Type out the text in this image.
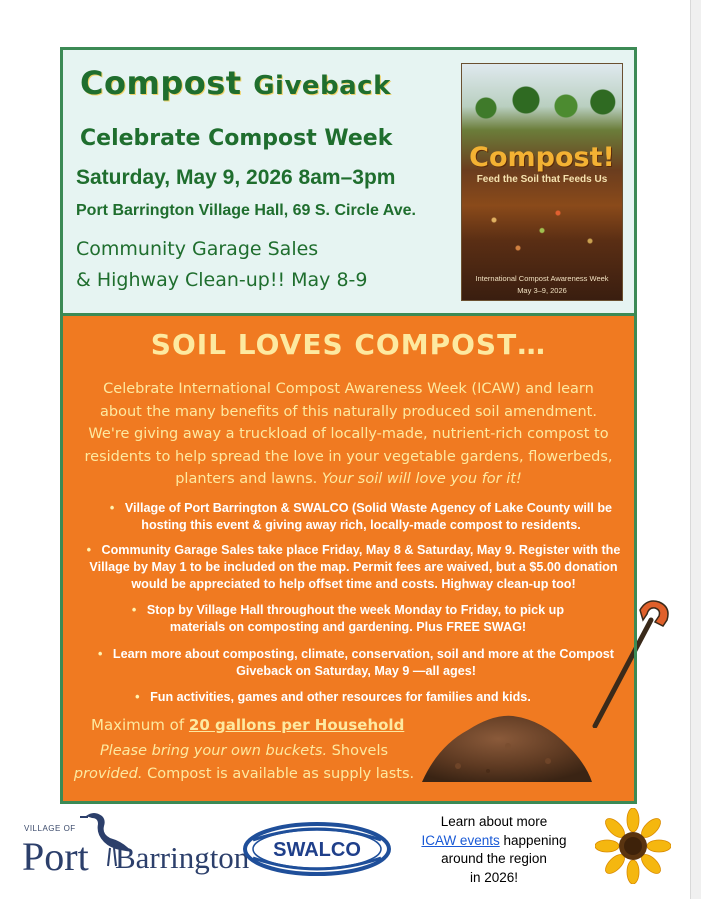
Compost Giveback
Celebrate Compost Week
Saturday, May 9, 2026 8am–3pm
Port Barrington Village Hall, 69 S. Circle Ave.
Community Garage Sales
& Highway Clean-up!! May 8-9
Compost!
Feed the Soil that Feeds Us
International Compost Awareness Week
May 3–9, 2026
SOIL LOVES COMPOST…
Celebrate International Compost Awareness Week (ICAW) and learn about the many benefits of this naturally produced soil amendment. We're giving away a truckload of locally-made, nutrient-rich compost to residents to help spread the love in your vegetable gardens, flowerbeds, planters and lawns. Your soil will love you for it!
•   Village of Port Barrington & SWALCO (Solid Waste Agency of Lake County will be hosting this event & giving away rich, locally-made compost to residents.
•   Community Garage Sales take place Friday, May 8 & Saturday, May 9. Register with the Village by May 1 to be included on the map. Permit fees are waived, but a $5.00 donation would be appreciated to help offset time and costs. Highway clean-up too!
•   Stop by Village Hall throughout the week Monday to Friday, to pick up materials on composting and gardening. Plus FREE SWAG!
•   Learn more about composting, climate, conservation, soil and more at the Compost Giveback on Saturday, May 9 —all ages!
•   Fun activities, games and other resources for families and kids.
Maximum of 20 gallons per Household
Please bring your own buckets. Shovels
provided. Compost is available as supply lasts.
VILLAGE OF
Port Barrington SWALCO
Learn about more
ICAW events happening
around the region
in 2026!
